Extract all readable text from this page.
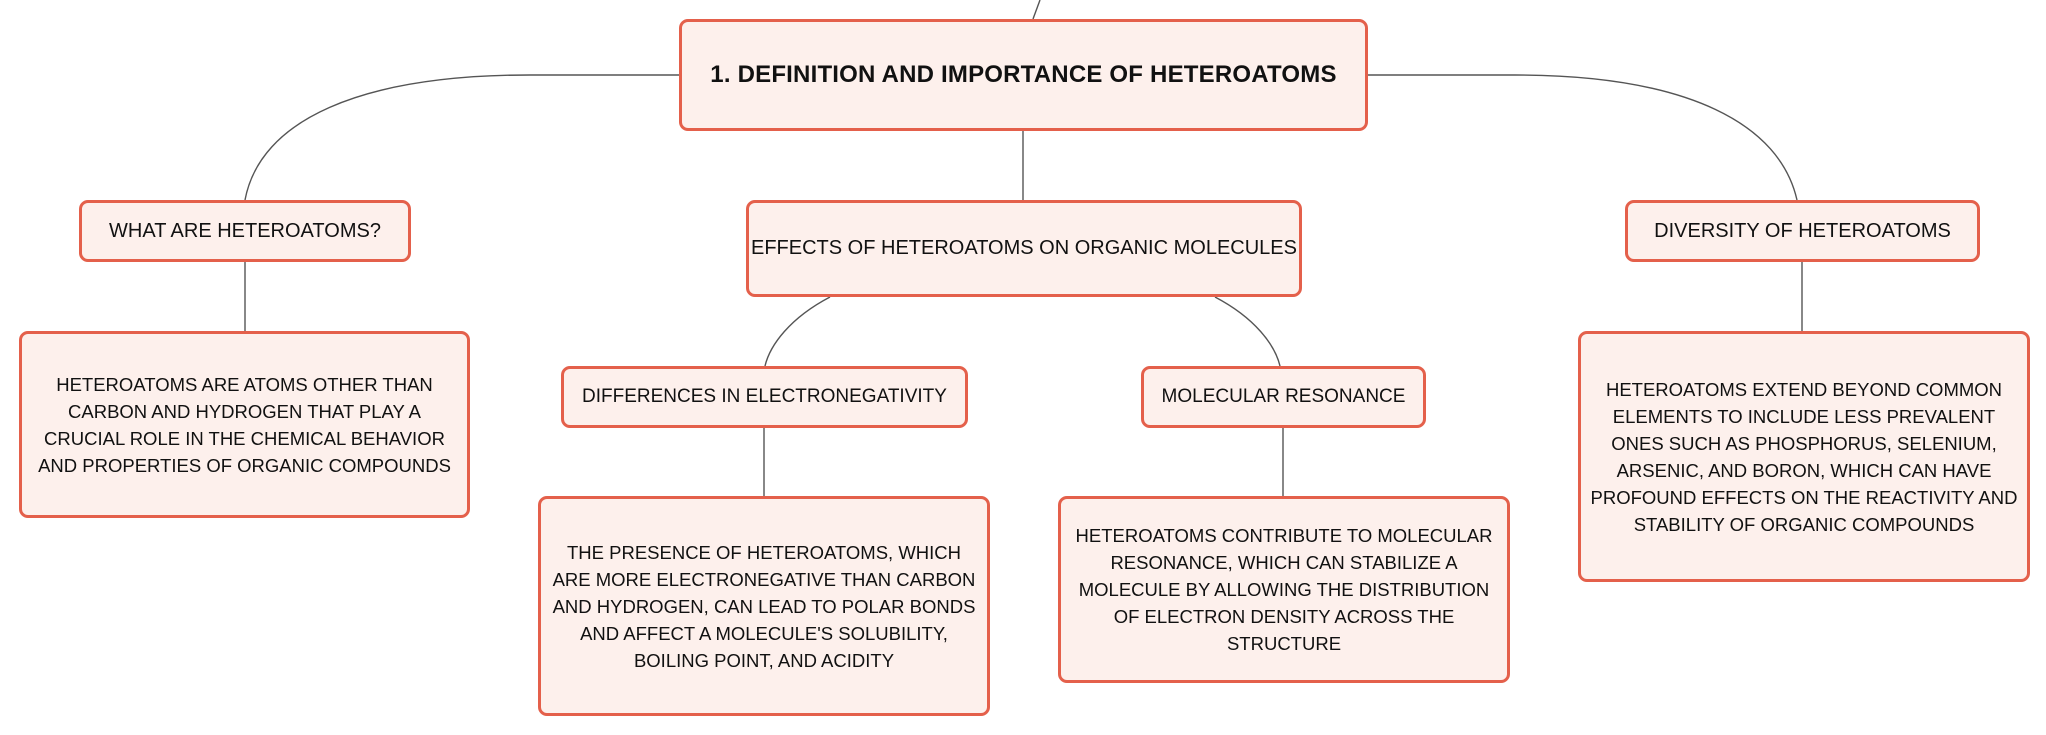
1. DEFINITION AND IMPORTANCE OF HETEROATOMS
WHAT ARE HETEROATOMS?
EFFECTS OF HETEROATOMS ON ORGANIC MOLECULES
DIVERSITY OF HETEROATOMS
DIFFERENCES IN ELECTRONEGATIVITY	MOLECULAR RESONANCE
HETEROATOMS ARE ATOMS OTHER THAN CARBON AND HYDROGEN THAT PLAY A CRUCIAL ROLE IN THE CHEMICAL BEHAVIOR AND PROPERTIES OF ORGANIC COMPOUNDS
THE PRESENCE OF HETEROATOMS, WHICH ARE MORE ELECTRONEGATIVE THAN CARBON AND HYDROGEN, CAN LEAD TO POLAR BONDS AND AFFECT A MOLECULE'S SOLUBILITY, BOILING POINT, AND ACIDITY
HETEROATOMS CONTRIBUTE TO MOLECULAR RESONANCE, WHICH CAN STABILIZE A MOLECULE BY ALLOWING THE DISTRIBUTION OF ELECTRON DENSITY ACROSS THE STRUCTURE
HETEROATOMS EXTEND BEYOND COMMON ELEMENTS TO INCLUDE LESS PREVALENT ONES SUCH AS PHOSPHORUS, SELENIUM, ARSENIC, AND BORON, WHICH CAN HAVE PROFOUND EFFECTS ON THE REACTIVITY AND STABILITY OF ORGANIC COMPOUNDS
